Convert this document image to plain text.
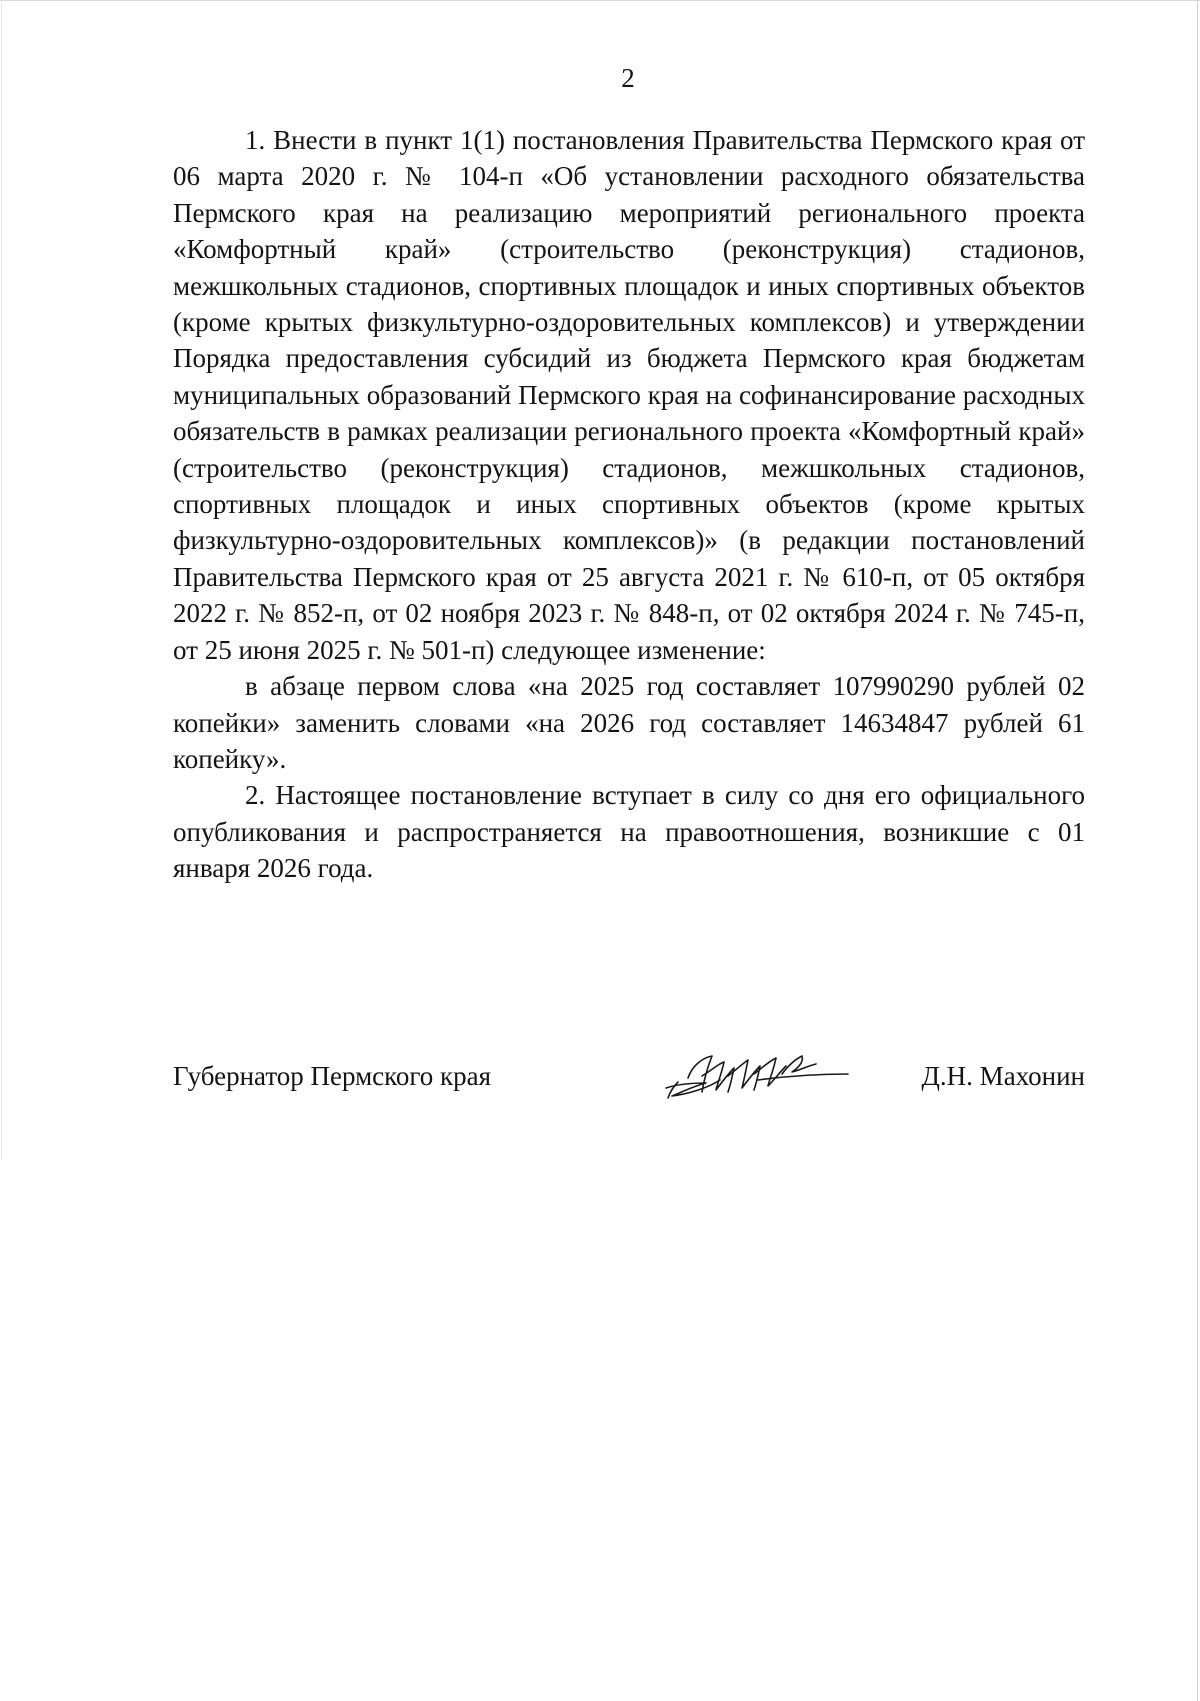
2

1. Внести в пункт 1(1) постановления Правительства Пермского края от 06 марта 2020 г. № 104-п «Об установлении расходного обязательства Пермского края на реализацию мероприятий регионального проекта «Комфортный край» (строительство (реконструкция) стадионов, межшкольных стадионов, спортивных площадок и иных спортивных объектов (кроме крытых физкультурно-оздоровительных комплексов) и утверждении Порядка предоставления субсидий из бюджета Пермского края бюджетам муниципальных образований Пермского края на софинансирование расходных обязательств в рамках реализации регионального проекта «Комфортный край» (строительство (реконструкция) стадионов, межшкольных стадионов, спортивных площадок и иных спортивных объектов (кроме крытых физкультурно-оздоровительных комплексов)» (в редакции постановлений Правительства Пермского края от 25 августа 2021 г. № 610-п, от 05 октября 2022 г. № 852-п, от 02 ноября 2023 г. № 848-п, от 02 октября 2024 г. № 745-п, от 25 июня 2025 г. № 501-п) следующее изменение:

в абзаце первом слова «на 2025 год составляет 107990290 рублей 02 копейки» заменить словами «на 2026 год составляет 14634847 рублей 61 копейку».

2. Настоящее постановление вступает в силу со дня его официального опубликования и распространяется на правоотношения, возникшие с 01 января 2026 года.

Губернатор Пермского края	Д.Н. Махонин
